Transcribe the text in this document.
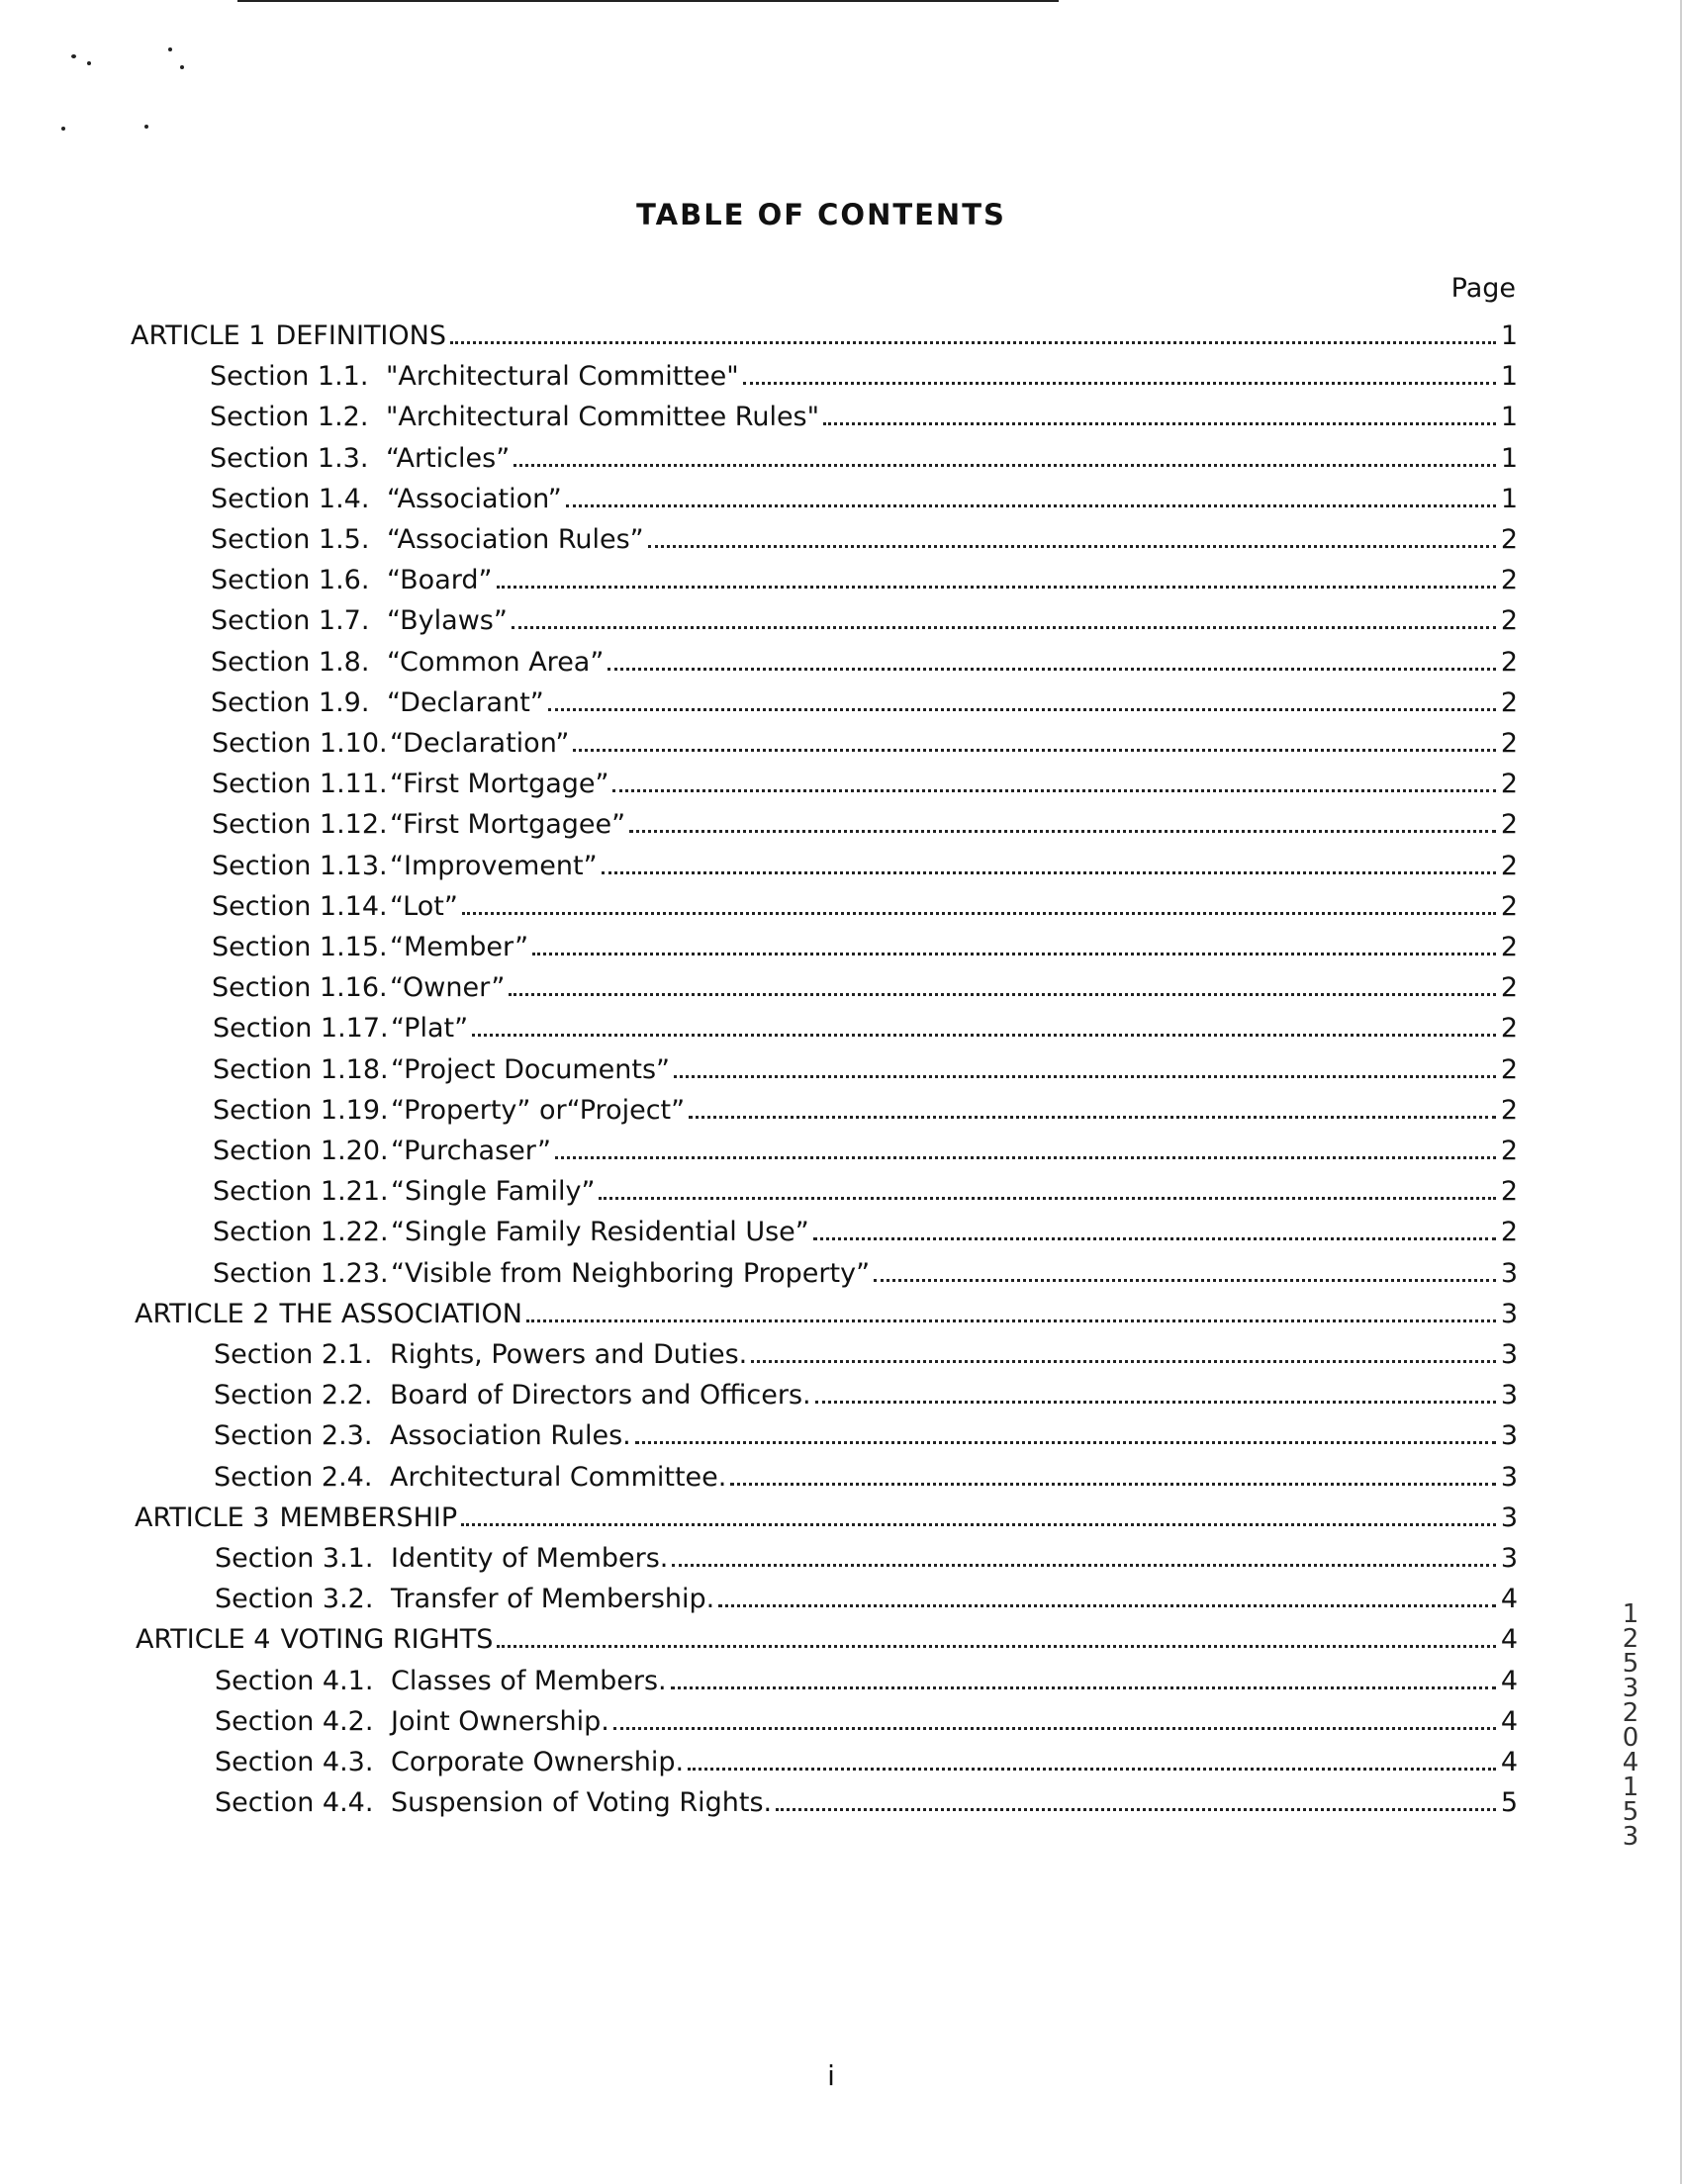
TABLE OF CONTENTS
Page
ARTICLE 1 DEFINITIONS	1
Section 1.1. "Architectural Committee"	1
Section 1.2. "Architectural Committee Rules"	1
Section 1.3. “Articles”	1
Section 1.4. “Association”	1
Section 1.5. “Association Rules”	2
Section 1.6. “Board”	2
Section 1.7. “Bylaws”	2
Section 1.8. “Common Area”	2
Section 1.9. “Declarant”	2
Section 1.10.“Declaration”	2
Section 1.11.“First Mortgage”	2
Section 1.12.“First Mortgagee”	2
Section 1.13.“Improvement”	2
Section 1.14.“Lot”	2
Section 1.15.“Member”	2
Section 1.16.“Owner”	2
Section 1.17.“Plat”	2
Section 1.18.“Project Documents”	2
Section 1.19.“Property” or“Project”	2
Section 1.20.“Purchaser”	2
Section 1.21.“Single Family”	2
Section 1.22.“Single Family Residential Use”	2
Section 1.23.“Visible from Neighboring Property”	3
ARTICLE 2 THE ASSOCIATION	3
Section 2.1. Rights, Powers and Duties.	3
Section 2.2. Board of Directors and Officers.	3
Section 2.3. Association Rules.	3
Section 2.4. Architectural Committee.	3
ARTICLE 3 MEMBERSHIP	3
Section 3.1. Identity of Members.	3
Section 3.2. Transfer of Membership.	4
ARTICLE 4 VOTING RIGHTS	4
Section 4.1. Classes of Members.	4
Section 4.2. Joint Ownership.	4
Section 4.3. Corporate Ownership.	4
Section 4.4. Suspension of Voting Rights.	5
12532 04153
i
